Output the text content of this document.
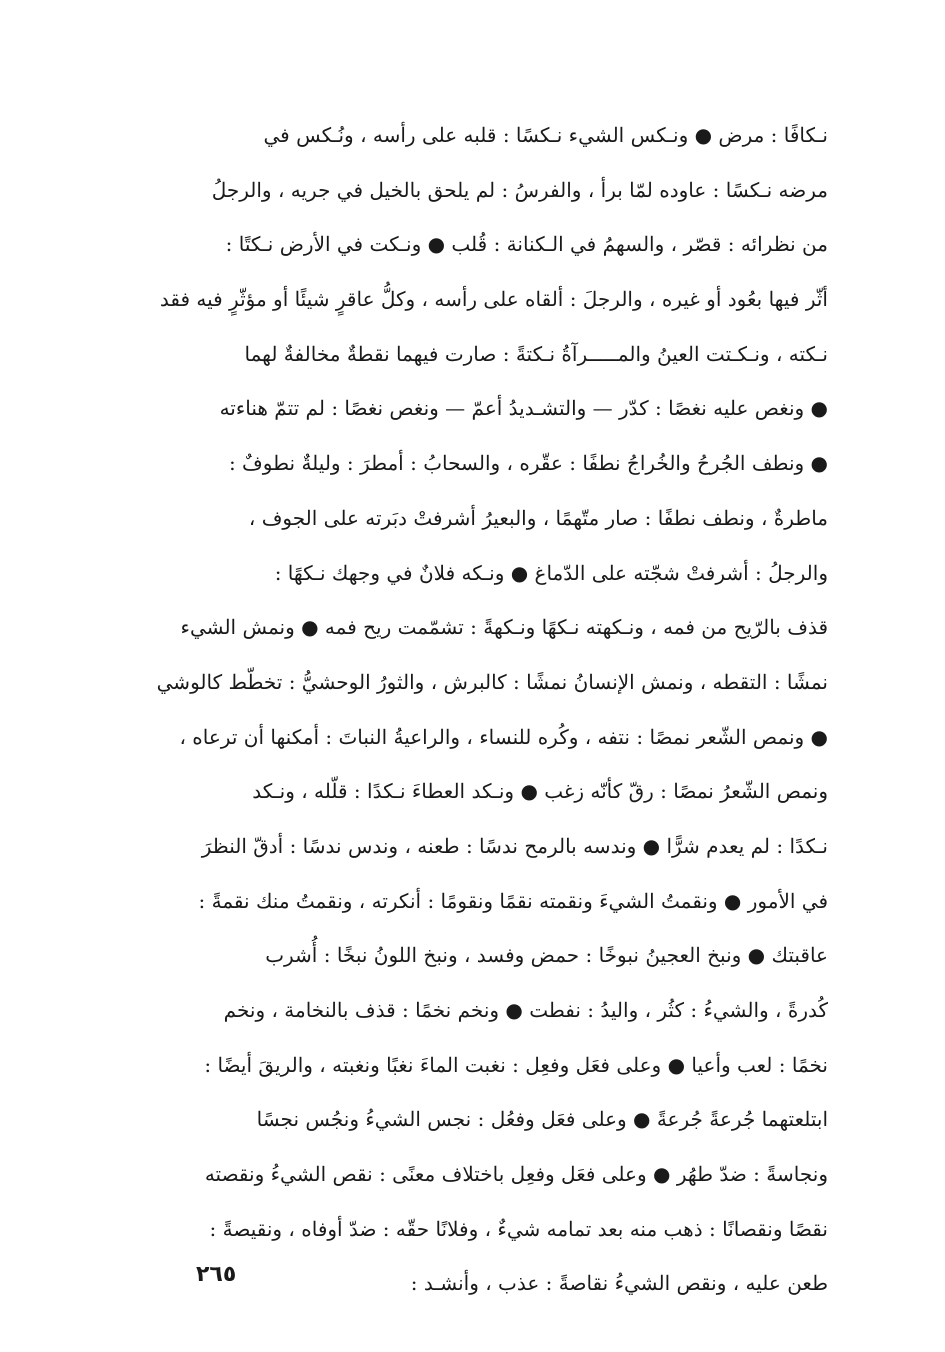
نـكافًا : مرض ● ونـكس الشيء نـكسًا : قلبه على رأسه ، ونُـكس في
مرضه نـكسًا : عاوده لمّا برأ ، والفرسُ : لم يلحق بالخيل في جريه ، والرجلُ
من نظرائه : قصّر ، والسهمُ في الـكنانة : قُلب ● ونـكت في الأرض نـكتًا :
أثّر فيها بعُود أو غيره ، والرجلَ : ألقاه على رأسه ، وكلُّ عاقرٍ شيئًا أو مؤثّرٍ فيه فقد
نـكته ، ونـكـتت العينُ والمـــــرآةُ نـكتةً : صارت فيهما نقطةٌ مخالفةٌ لهما
● ونغص عليه نغصًا : كدّر — والتشـديدُ أعمّ — ونغص نغصًا : لم تتمّ هناءته
● ونطف الجُرحُ والخُراجُ نطفًا : عقّره ، والسحابُ : أمطرَ : وليلةٌ نطوفٌ :
ماطرةٌ ، ونطف نطفًا : صار متّهمًا ، والبعيرُ أشرفتْ دبَرته على الجوف ،
والرجلُ : أشرفتْ شجّته على الدّماغ ● ونـكه فلانٌ في وجهك نـكهًا :
قذف بالرّيح من فمه ، ونـكهته نـكهًا ونـكهةً : تشمّمت ريح فمه ● ونمش الشيء
نمشًا : التقطه ، ونمش الإنسانُ نمشًا : كالبرش ، والثورُ الوحشيُّ : تخطّط كالوشي
● ونمص الشّعر نمصًا : نتفه ، وكُره للنساء ، والراعيةُ النباتَ : أمكنها أن ترعاه ،
ونمص الشّعرُ نمصًا : رقّ كأنّه زغب ● ونـكد العطاءَ نـكدًا : قلّله ، ونـكد
نـكدًا : لم يعدم شرًّا ● وندسه بالرمح ندسًا : طعنه ، وندس ندسًا : أدقّ النظرَ
في الأمور ● ونقمتُ الشيءَ ونقمته نقمًا ونقومًا : أنكرته ، ونقمتُ منك نقمةً :
عاقبتك ● ونبخ العجينُ نبوخًا : حمض وفسد ، ونبخ اللونُ نبخًا : أُشرب
كُدرةً ، والشيءُ : كثُر ، واليدُ : نفطت ● ونخم نخمًا : قذف بالنخامة ، ونخم
نخمًا : لعب وأعيا ● وعلى فعَل وفعِل : نغبت الماءَ نغبًا ونغبته ، والريقَ أيضًا :
ابتلعتهما جُرعةً جُرعةً ● وعلى فعَل وفعُل : نجس الشيءُ ونجُس نجسًا
ونجاسةً : ضدّ طهُر ● وعلى فعَل وفعِل باختلاف معنًى : نقص الشيءُ ونقصته
نقصًا ونقصانًا : ذهب منه بعد تمامه شيءٌ ، وفلانًا حقّه : ضدّ أوفاه ، ونقيصةً :
طعن عليه ، ونقص الشيءُ نقاصةً : عذب ، وأنشـد :
٢٦٥
